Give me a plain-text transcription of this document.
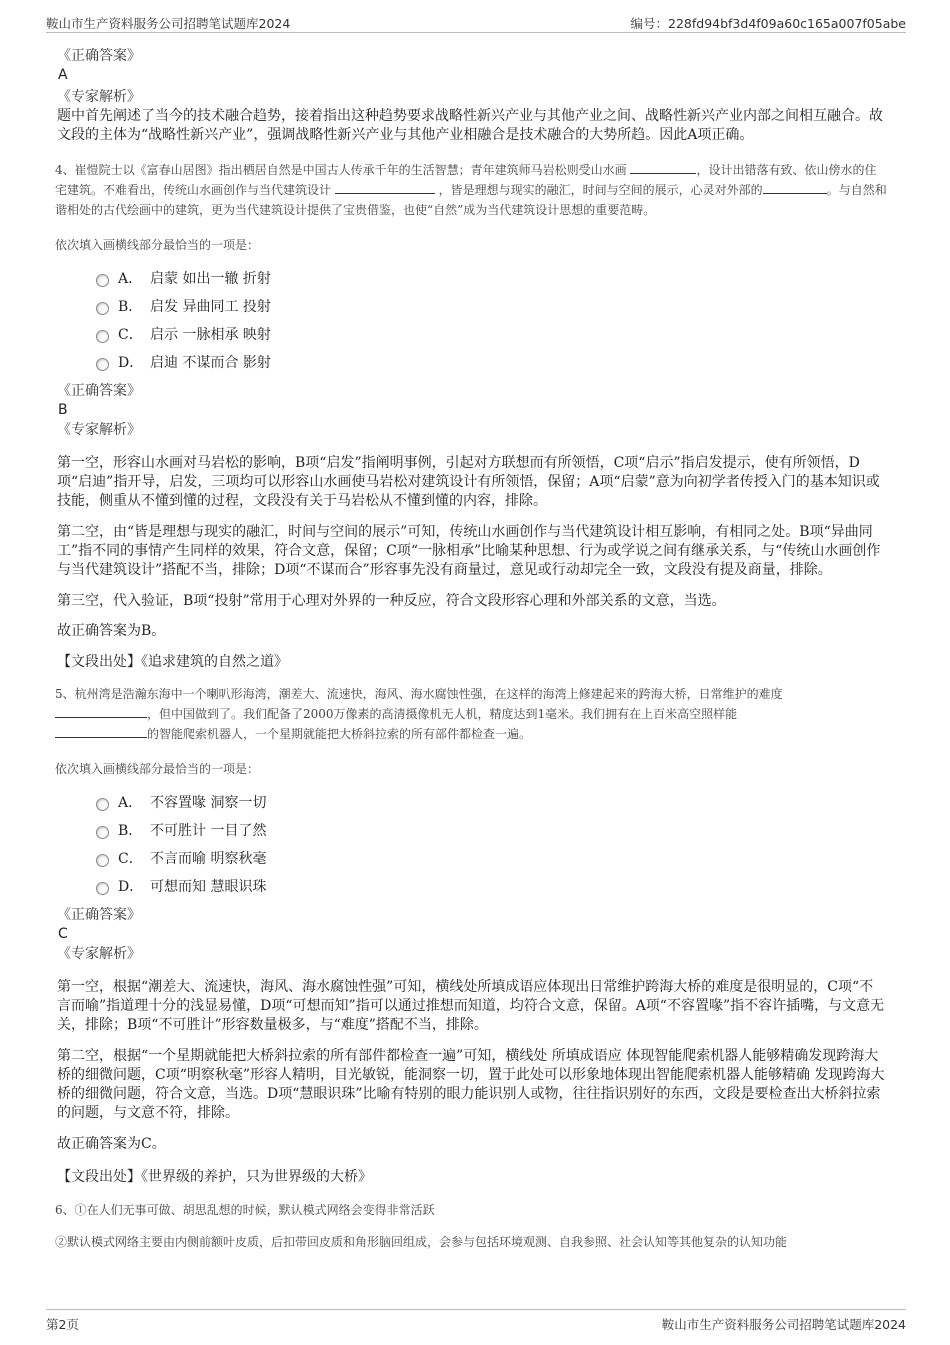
鞍山市生产资料服务公司招聘笔试题库2024	编号：228fd94bf3d4f09a60c165a007f05abe
《正确答案》
A
《专家解析》

题中首先阐述了当今的技术融合趋势，接着指出这种趋势要求战略性新兴产业与其他产业之间、战略性新兴产业内部之间相互融合。故文段的主体为“战略性新兴产业”，强调战略性新兴产业与其他产业相融合是技术融合的大势所趋。因此A项正确。

4、崔愷院士以《富春山居图》指出栖居自然是中国古人传承千年的生活智慧；青年建筑师马岩松则受山水画	，设计出错落有致、依山傍水的住宅建筑。不难看出，传统山水画创作与当代建筑设计	，皆是理想与现实的融汇，时间与空间的展示，心灵对外部的	。与自然和谐相处的古代绘画中的建筑，更为当代建筑设计提供了宝贵借鉴，也使“自然”成为当代建筑设计思想的重要范畴。

依次填入画横线部分最恰当的一项是：

A． 启蒙 如出一辙 折射
B． 启发 异曲同工 投射
C． 启示 一脉相承 映射
D． 启迪 不谋而合 影射
《正确答案》
B
《专家解析》

第一空，形容山水画对马岩松的影响，B项“启发”指阐明事例，引起对方联想而有所领悟，C项“启示”指启发提示，使有所领悟，D项“启迪”指开导，启发，三项均可以形容山水画使马岩松对建筑设计有所领悟，保留；A项“启蒙”意为向初学者传授入门的基本知识或技能，侧重从不懂到懂的过程，文段没有关于马岩松从不懂到懂的内容，排除。

第二空，由“皆是理想与现实的融汇，时间与空间的展示”可知，传统山水画创作与当代建筑设计相互影响，有相同之处。B项“异曲同工”指不同的事情产生同样的效果，符合文意，保留；C项“一脉相承”比喻某种思想、行为或学说之间有继承关系，与“传统山水画创作与当代建筑设计”搭配不当，排除；D项“不谋而合”形容事先没有商量过，意见或行动却完全一致，文段没有提及商量，排除。

第三空，代入验证，B项“投射”常用于心理对外界的一种反应，符合文段形容心理和外部关系的文意，当选。

故正确答案为B。

【文段出处】《追求建筑的自然之道》

5、杭州湾是浩瀚东海中一个喇叭形海湾，潮差大、流速快，海风、海水腐蚀性强，在这样的海湾上修建起来的跨海大桥，日常维护的难度
，但中国做到了。我们配备了2000万像素的高清摄像机无人机，精度达到1毫米。我们拥有在上百米高空照样能
的智能爬索机器人，一个星期就能把大桥斜拉索的所有部件都检查一遍。

依次填入画横线部分最恰当的一项是：

A． 不容置喙 洞察一切
B． 不可胜计 一目了然
C． 不言而喻 明察秋毫
D． 可想而知 慧眼识珠
《正确答案》
C
《专家解析》

第一空，根据“潮差大、流速快，海风、海水腐蚀性强”可知，横线处所填成语应体现出日常维护跨海大桥的难度是很明显的，C项“不言而喻”指道理十分的浅显易懂，D项“可想而知”指可以通过推想而知道，均符合文意，保留。A项“不容置喙”指不容许插嘴，与文意无关，排除；B项“不可胜计”形容数量极多，与“难度”搭配不当，排除。

第二空，根据“一个星期就能把大桥斜拉索的所有部件都检查一遍”可知，横线处 所填成语应 体现智能爬索机器人能够精确发现跨海大桥的细微问题，C项“明察秋毫”形容人精明，目光敏锐，能洞察一切，置于此处可以形象地体现出智能爬索机器人能够精确 发现跨海大桥的细微问题，符合文意，当选。D项“慧眼识珠”比喻有特别的眼力能识别人或物，往往指识别好的东西，文段是要检查出大桥斜拉索的问题，与文意不符，排除。

故正确答案为C。

【文段出处】《世界级的养护，只为世界级的大桥》

6、①在人们无事可做、胡思乱想的时候，默认模式网络会变得非常活跃

②默认模式网络主要由内侧前额叶皮质，后扣带回皮质和角形脑回组成，会参与包括环境观测、自我参照、社会认知等其他复杂的认知功能

第2页	鞍山市生产资料服务公司招聘笔试题库2024
